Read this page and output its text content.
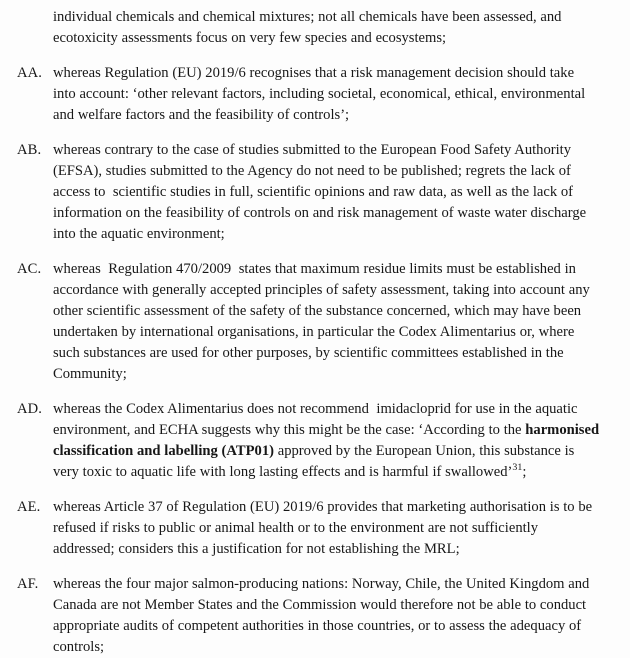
individual chemicals and chemical mixtures; not all chemicals have been assessed, and ecotoxicity assessments focus on very few species and ecosystems;
AA. whereas Regulation (EU) 2019/6 recognises that a risk management decision should take into account: ‘other relevant factors, including societal, economical, ethical, environmental and welfare factors and the feasibility of controls’;
AB. whereas contrary to the case of studies submitted to the European Food Safety Authority (EFSA), studies submitted to the Agency do not need to be published; regrets the lack of access to  scientific studies in full, scientific opinions and raw data, as well as the lack of information on the feasibility of controls on and risk management of waste water discharge into the aquatic environment;
AC. whereas  Regulation 470/2009  states that maximum residue limits must be established in accordance with generally accepted principles of safety assessment, taking into account any other scientific assessment of the safety of the substance concerned, which may have been undertaken by international organisations, in particular the Codex Alimentarius or, where such substances are used for other purposes, by scientific committees established in the Community;
AD. whereas the Codex Alimentarius does not recommend  imidacloprid for use in the aquatic environment, and ECHA suggests why this might be the case: ‘According to the harmonised classification and labelling (ATP01) approved by the European Union, this substance is very toxic to aquatic life with long lasting effects and is harmful if swallowed’$^{31}$;
AE. whereas Article 37 of Regulation (EU) 2019/6 provides that marketing authorisation is to be refused if risks to public or animal health or to the environment are not sufficiently addressed; considers this a justification for not establishing the MRL;
AF. whereas the four major salmon-producing nations: Norway, Chile, the United Kingdom and Canada are not Member States and the Commission would therefore not be able to conduct appropriate audits of competent authorities in those countries, or to assess the adequacy of controls;
